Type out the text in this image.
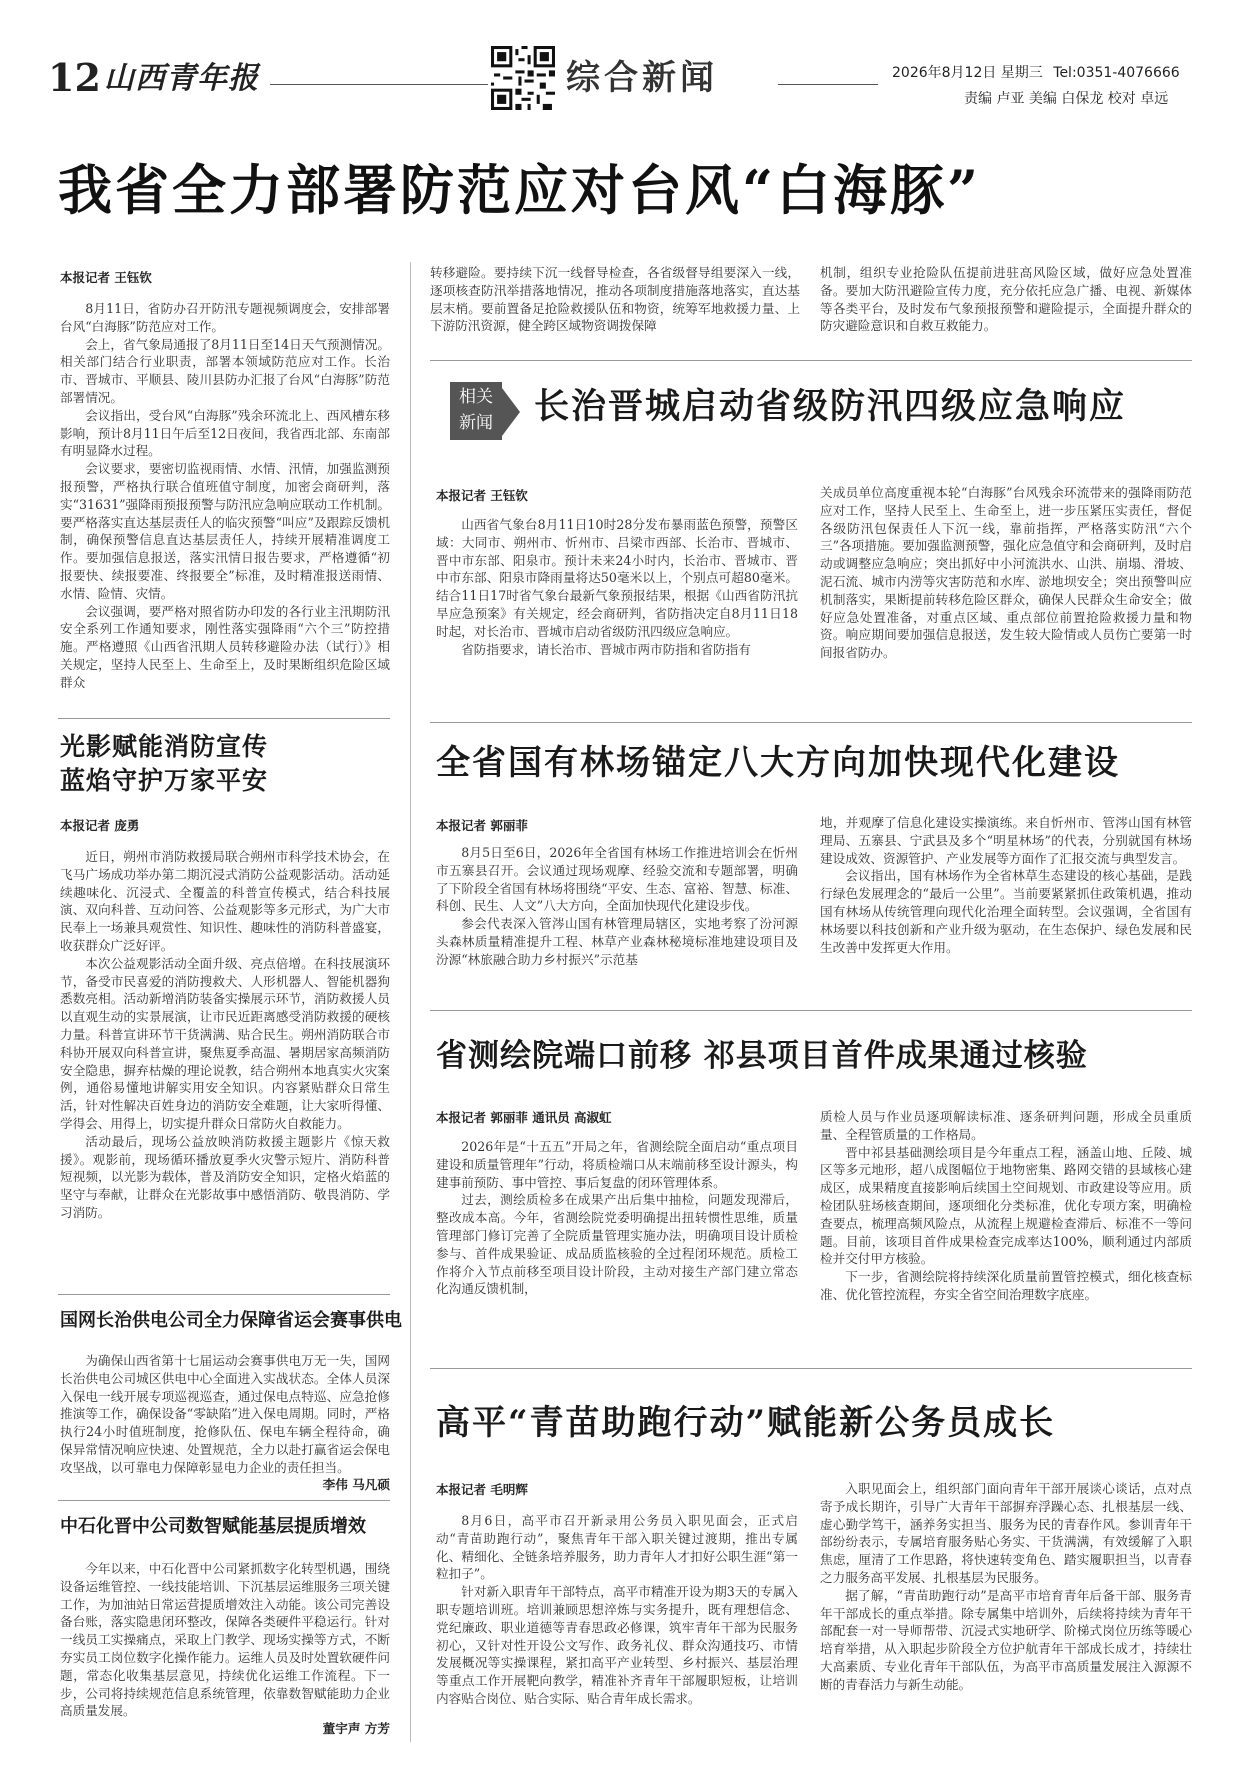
12 山西青年报	综合新闻	2026年8月12日 星期三 Tel:0351-4076666
责编 卢亚 美编 白保龙 校对 卓远
我省全力部署防范应对台风“白海豚”
本报记者 王钰钦

8月11日，省防办召开防汛专题视频调度会，安排部署台风“白海豚”防范应对工作。

会上，省气象局通报了8月11日至14日天气预测情况。相关部门结合行业职责，部署本领域防范应对工作。长治市、晋城市、平顺县、陵川县防办汇报了台风“白海豚”防范部署情况。

会议指出，受台风“白海豚”残余环流北上、西风槽东移影响，预计8月11日午后至12日夜间，我省西北部、东南部有明显降水过程。

会议要求，要密切监视雨情、水情、汛情，加强监测预报预警，严格执行联合值班值守制度，加密会商研判，落实“31631”强降雨预报预警与防汛应急响应联动工作机制。要严格落实直达基层责任人的临灾预警“叫应”及跟踪反馈机制，确保预警信息直达基层责任人，持续开展精准调度工作。要加强信息报送，落实汛情日报告要求，严格遵循“初报要快、续报要准、终报要全”标准，及时精准报送雨情、水情、险情、灾情。

会议强调，要严格对照省防办印发的各行业主汛期防汛安全系列工作通知要求，刚性落实强降雨“六个三”防控措施。严格遵照《山西省汛期人员转移避险办法（试行）》相关规定，坚持人民至上、生命至上，及时果断组织危险区域群众

转移避险。要持续下沉一线督导检查，各省级督导组要深入一线，逐项核查防汛举措落地情况，推动各项制度措施落地落实，直达基层末梢。要前置备足抢险救援队伍和物资，统筹军地救援力量、上下游防汛资源，健全跨区域物资调拨保障

机制，组织专业抢险队伍提前进驻高风险区域，做好应急处置准备。要加大防汛避险宣传力度，充分依托应急广播、电视、新媒体等各类平台，及时发布气象预报预警和避险提示，全面提升群众的防灾避险意识和自救互救能力。

相关
新闻 长治晋城启动省级防汛四级应急响应
本报记者 王钰钦

山西省气象台8月11日10时28分发布暴雨蓝色预警，预警区域：大同市、朔州市、忻州市、吕梁市西部、长治市、晋城市、晋中市东部、阳泉市。预计未来24小时内，长治市、晋城市、晋中市东部、阳泉市降雨量将达50毫米以上，个别点可超80毫米。结合11日17时省气象台最新气象预报结果，根据《山西省防汛抗旱应急预案》有关规定，经会商研判，省防指决定自8月11日18时起，对长治市、晋城市启动省级防汛四级应急响应。

省防指要求，请长治市、晋城市两市防指和省防指有

关成员单位高度重视本轮“白海豚”台风残余环流带来的强降雨防范应对工作，坚持人民至上、生命至上，进一步压紧压实责任，督促各级防汛包保责任人下沉一线，靠前指挥，严格落实防汛“六个三”各项措施。要加强监测预警，强化应急值守和会商研判，及时启动或调整应急响应；突出抓好中小河流洪水、山洪、崩塌、滑坡、泥石流、城市内涝等灾害防范和水库、淤地坝安全；突出预警叫应机制落实，果断提前转移危险区群众，确保人民群众生命安全；做好应急处置准备，对重点区域、重点部位前置抢险救援力量和物资。响应期间要加强信息报送，发生较大险情或人员伤亡要第一时间报省防办。

光影赋能消防宣传
蓝焰守护万家平安
本报记者 庞勇

近日，朔州市消防救援局联合朔州市科学技术协会，在飞马广场成功举办第二期沉浸式消防公益观影活动。活动延续趣味化、沉浸式、全覆盖的科普宣传模式，结合科技展演、双向科普、互动问答、公益观影等多元形式，为广大市民奉上一场兼具观赏性、知识性、趣味性的消防科普盛宴，收获群众广泛好评。

本次公益观影活动全面升级、亮点倍增。在科技展演环节，备受市民喜爱的消防搜救犬、人形机器人、智能机器狗悉数亮相。活动新增消防装备实操展示环节，消防救援人员以直观生动的实景展演，让市民近距离感受消防救援的硬核力量。科普宣讲环节干货满满、贴合民生。朔州消防联合市科协开展双向科普宣讲，聚焦夏季高温、暑期居家高频消防安全隐患，摒弃枯燥的理论说教，结合朔州本地真实火灾案例，通俗易懂地讲解实用安全知识。内容紧贴群众日常生活，针对性解决百姓身边的消防安全难题，让大家听得懂、学得会、用得上，切实提升群众日常防火自救能力。

活动最后，现场公益放映消防救援主题影片《惊天救援》。观影前，现场循环播放夏季火灾警示短片、消防科普短视频，以光影为载体，普及消防安全知识，定格火焰蓝的坚守与奉献，让群众在光影故事中感悟消防、敬畏消防、学习消防。

国网长治供电公司全力保障省运会赛事供电

为确保山西省第十七届运动会赛事供电万无一失，国网长治供电公司城区供电中心全面进入实战状态。全体人员深入保电一线开展专项巡视巡查，通过保电点特巡、应急抢修推演等工作，确保设备“零缺陷”进入保电周期。同时，严格执行24小时值班制度，抢修队伍、保电车辆全程待命，确保异常情况响应快速、处置规范，全力以赴打赢省运会保电攻坚战，以可靠电力保障彰显电力企业的责任担当。

李伟 马凡硕
中石化晋中公司数智赋能基层提质增效

今年以来，中石化晋中公司紧抓数字化转型机遇，围绕设备运维管控、一线技能培训、下沉基层运维服务三项关键工作，为加油站日常运营提质增效注入动能。该公司完善设备台账，落实隐患闭环整改，保障各类硬件平稳运行。针对一线员工实操痛点，采取上门教学、现场实操等方式，不断夯实员工岗位数字化操作能力。运维人员及时处置软硬件问题，常态化收集基层意见，持续优化运维工作流程。下一步，公司将持续规范信息系统管理，依靠数智赋能助力企业高质量发展。

董宇声 方芳
全省国有林场锚定八大方向加快现代化建设
本报记者 郭丽菲

8月5日至6日，2026年全省国有林场工作推进培训会在忻州市五寨县召开。会议通过现场观摩、经验交流和专题部署，明确了下阶段全省国有林场将围绕“平安、生态、富裕、智慧、标准、科创、民生、人文”八大方向，全面加快现代化建设步伐。

参会代表深入管涔山国有林管理局辖区，实地考察了汾河源头森林质量精准提升工程、林草产业森林秘境标准地建设项目及汾源“林旅融合助力乡村振兴”示范基

地，并观摩了信息化建设实操演练。来自忻州市、管涔山国有林管理局、五寨县、宁武县及多个“明星林场”的代表，分别就国有林场建设成效、资源管护、产业发展等方面作了汇报交流与典型发言。

会议指出，国有林场作为全省林草生态建设的核心基础，是践行绿色发展理念的“最后一公里”。当前要紧紧抓住政策机遇，推动国有林场从传统管理向现代化治理全面转型。会议强调，全省国有林场要以科技创新和产业升级为驱动，在生态保护、绿色发展和民生改善中发挥更大作用。

省测绘院端口前移 祁县项目首件成果通过核验
本报记者 郭丽菲 通讯员 高淑虹

2026年是“十五五”开局之年，省测绘院全面启动“重点项目建设和质量管理年”行动，将质检端口从末端前移至设计源头，构建事前预防、事中管控、事后复盘的闭环管理体系。

过去，测绘质检多在成果产出后集中抽检，问题发现滞后，整改成本高。今年，省测绘院党委明确提出扭转惯性思维，质量管理部门修订完善了全院质量管理实施办法，明确项目设计质检参与、首件成果验证、成品质监核验的全过程闭环规范。质检工作将介入节点前移至项目设计阶段，主动对接生产部门建立常态化沟通反馈机制，

质检人员与作业员逐项解读标准、逐条研判问题，形成全员重质量、全程管质量的工作格局。

晋中祁县基础测绘项目是今年重点工程，涵盖山地、丘陵、城区等多元地形，超八成图幅位于地物密集、路网交错的县域核心建成区，成果精度直接影响后续国土空间规划、市政建设等应用。质检团队驻场核查期间，逐项细化分类标准，优化专项方案，明确检查要点，梳理高频风险点，从流程上规避检查滞后、标准不一等问题。目前，该项目首件成果检查完成率达100%，顺利通过内部质检并交付甲方核验。

下一步，省测绘院将持续深化质量前置管控模式，细化核查标准、优化管控流程，夯实全省空间治理数字底座。

高平“青苗助跑行动”赋能新公务员成长
本报记者 毛明辉

8月6日，高平市召开新录用公务员入职见面会，正式启动“青苗助跑行动”，聚焦青年干部入职关键过渡期，推出专属化、精细化、全链条培养服务，助力青年人才扣好公职生涯“第一粒扣子”。

针对新入职青年干部特点，高平市精准开设为期3天的专属入职专题培训班。培训兼顾思想淬炼与实务提升，既有理想信念、党纪廉政、职业道德等青春思政必修课，筑牢青年干部为民服务初心，又针对性开设公文写作、政务礼仪、群众沟通技巧、市情发展概况等实操课程，紧扣高平产业转型、乡村振兴、基层治理等重点工作开展靶向教学，精准补齐青年干部履职短板，让培训内容贴合岗位、贴合实际、贴合青年成长需求。

入职见面会上，组织部门面向青年干部开展谈心谈话，点对点寄予成长期许，引导广大青年干部摒弃浮躁心态、扎根基层一线、虚心勤学笃干，涵养务实担当、服务为民的青春作风。参训青年干部纷纷表示，专属培育服务贴心务实、干货满满，有效缓解了入职焦虑，厘清了工作思路，将快速转变角色、踏实履职担当，以青春之力服务高平发展、扎根基层为民服务。

据了解，“青苗助跑行动”是高平市培育青年后备干部、服务青年干部成长的重点举措。除专属集中培训外，后续将持续为青年干部配套一对一导师帮带、沉浸式实地研学、阶梯式岗位历练等暖心培育举措，从入职起步阶段全方位护航青年干部成长成才，持续壮大高素质、专业化青年干部队伍，为高平市高质量发展注入源源不断的青春活力与新生动能。
